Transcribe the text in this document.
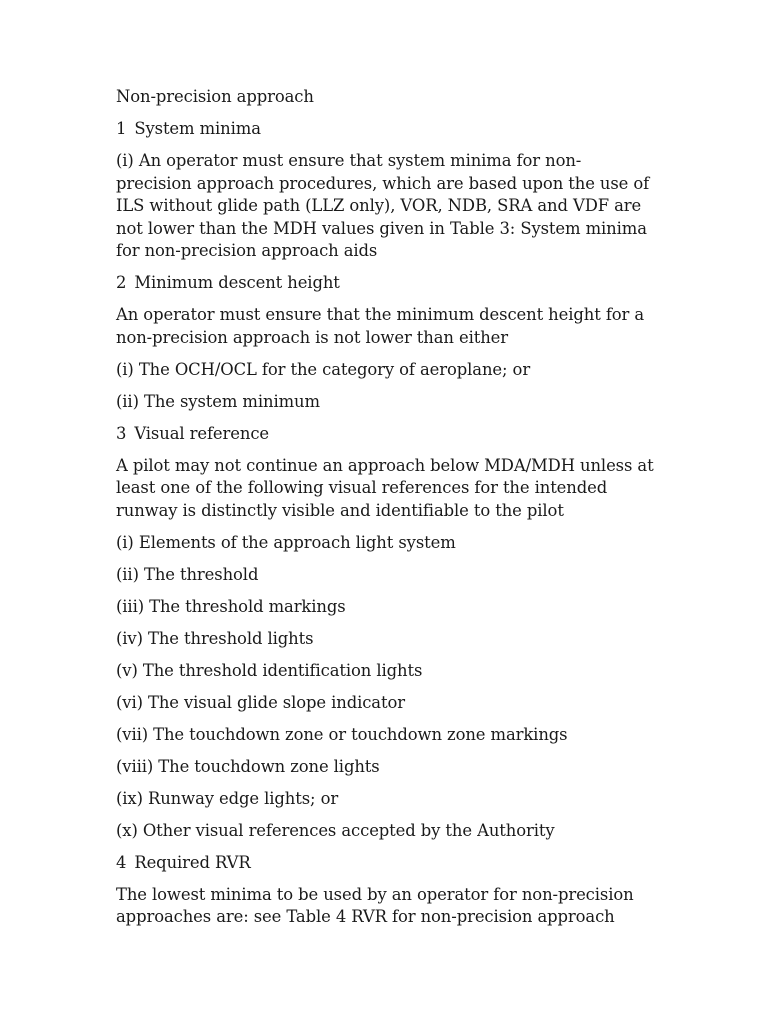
Non-precision approach
1 System minima
(i) An operator must ensure that system minima for non-precision approach procedures, which are based upon the use of ILS without glide path (LLZ only), VOR, NDB, SRA and VDF are not lower than the MDH values given in Table 3: System minima for non-precision approach aids
2 Minimum descent height
An operator must ensure that the minimum descent height for a non-precision approach is not lower than either
(i) The OCH/OCL for the category of aeroplane; or
(ii) The system minimum
3 Visual reference
A pilot may not continue an approach below MDA/MDH unless at least one of the following visual references for the intended runway is distinctly visible and identifiable to the pilot
(i) Elements of the approach light system
(ii) The threshold
(iii) The threshold markings
(iv) The threshold lights
(v) The threshold identification lights
(vi) The visual glide slope indicator
(vii) The touchdown zone or touchdown zone markings
(viii) The touchdown zone lights
(ix) Runway edge lights; or
(x) Other visual references accepted by the Authority
4 Required RVR
The lowest minima to be used by an operator for non-precision approaches are: see Table 4 RVR for non-precision approach
